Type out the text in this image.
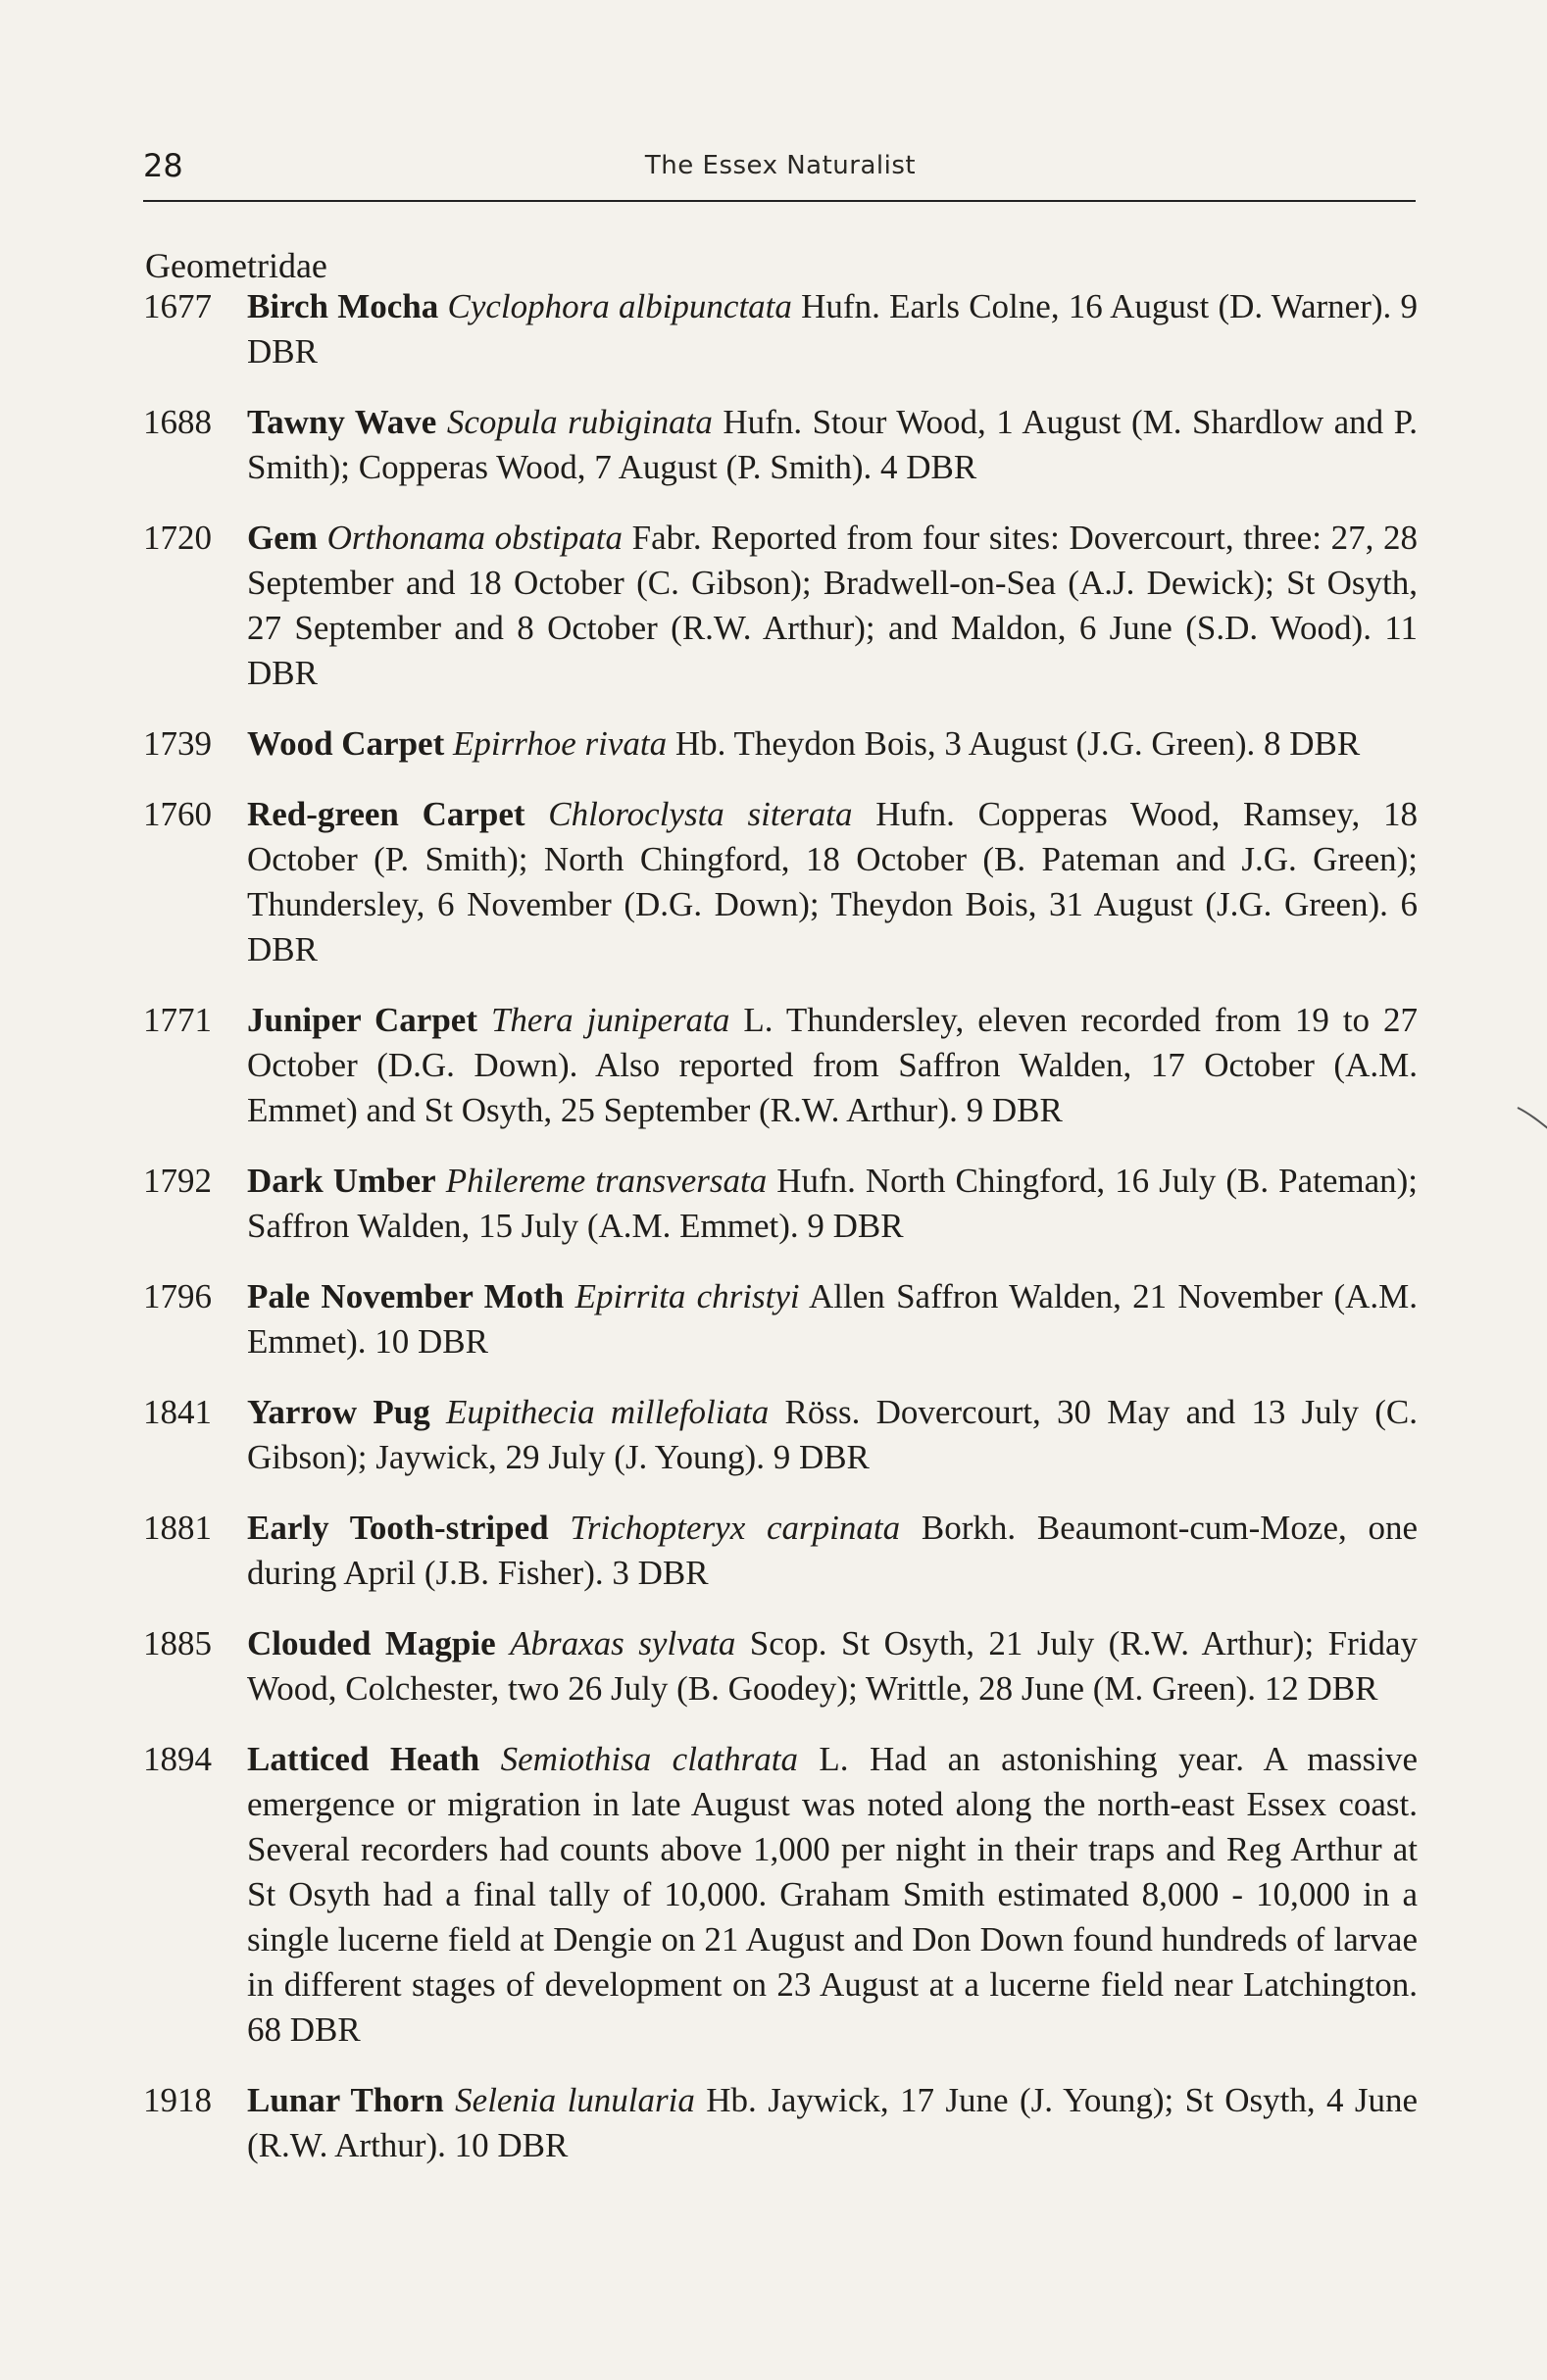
28	The Essex Naturalist
Geometridae
1677 Birch Mocha Cyclophora albipunctata Hufn. Earls Colne, 16 August (D. Warner). 9 DBR
1688 Tawny Wave Scopula rubiginata Hufn. Stour Wood, 1 August (M. Shardlow and P. Smith); Copperas Wood, 7 August (P. Smith). 4 DBR
1720 Gem Orthonama obstipata Fabr. Reported from four sites: Dovercourt, three: 27, 28 September and 18 October (C. Gibson); Bradwell-on-Sea (A.J. Dewick); St Osyth, 27 September and 8 October (R.W. Arthur); and Maldon, 6 June (S.D. Wood). 11 DBR
1739 Wood Carpet Epirrhoe rivata Hb. Theydon Bois, 3 August (J.G. Green). 8 DBR
1760 Red-green Carpet Chloroclysta siterata Hufn. Copperas Wood, Ramsey, 18 October (P. Smith); North Chingford, 18 October (B. Pateman and J.G. Green); Thundersley, 6 November (D.G. Down); Theydon Bois, 31 August (J.G. Green). 6 DBR
1771 Juniper Carpet Thera juniperata L. Thundersley, eleven recorded from 19 to 27 October (D.G. Down). Also reported from Saffron Walden, 17 October (A.M. Emmet) and St Osyth, 25 September (R.W. Arthur). 9 DBR
1792 Dark Umber Philereme transversata Hufn. North Chingford, 16 July (B. Pateman); Saffron Walden, 15 July (A.M. Emmet). 9 DBR
1796 Pale November Moth Epirrita christyi Allen Saffron Walden, 21 November (A.M. Emmet). 10 DBR
1841 Yarrow Pug Eupithecia millefoliata Röss. Dovercourt, 30 May and 13 July (C. Gibson); Jaywick, 29 July (J. Young). 9 DBR
1881 Early Tooth-striped Trichopteryx carpinata Borkh. Beaumont-cum-Moze, one during April (J.B. Fisher). 3 DBR
1885 Clouded Magpie Abraxas sylvata Scop. St Osyth, 21 July (R.W. Arthur); Friday Wood, Colchester, two 26 July (B. Goodey); Writtle, 28 June (M. Green). 12 DBR
1894 Latticed Heath Semiothisa clathrata L. Had an astonishing year. A massive emergence or migration in late August was noted along the north-east Essex coast. Several recorders had counts above 1,000 per night in their traps and Reg Arthur at St Osyth had a final tally of 10,000. Graham Smith estimated 8,000 - 10,000 in a single lucerne field at Dengie on 21 August and Don Down found hundreds of larvae in different stages of development on 23 August at a lucerne field near Latchington. 68 DBR
1918 Lunar Thorn Selenia lunularia Hb. Jaywick, 17 June (J. Young); St Osyth, 4 June (R.W. Arthur). 10 DBR
